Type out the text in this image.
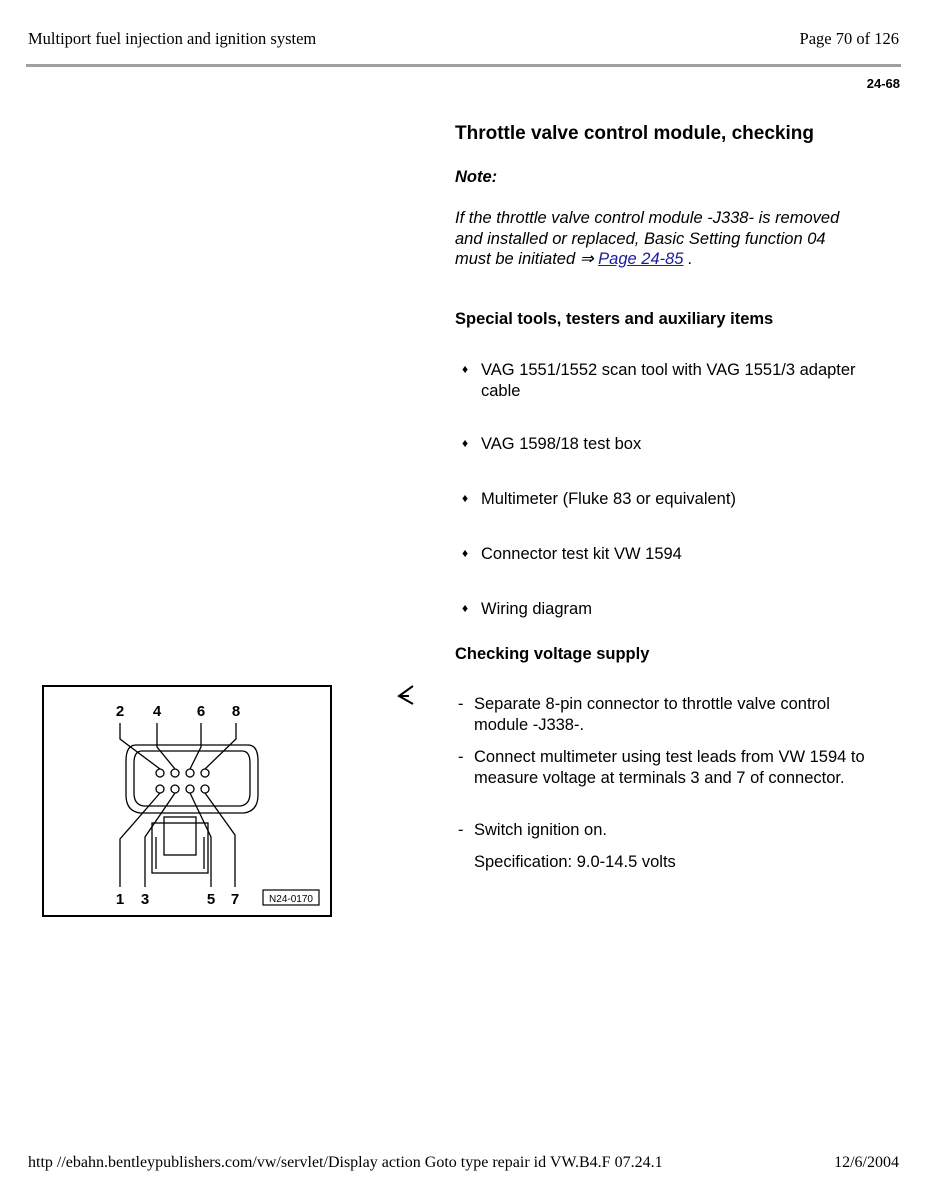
Multiport fuel injection and ignition system	Page 70 of 126
24-68
Throttle valve control module, checking
Note:
If the throttle valve control module -J338- is removed and installed or replaced, Basic Setting function 04 must be initiated ⇒ Page 24-85 .
Special tools, testers and auxiliary items
♦ VAG 1551/1552 scan tool with VAG 1551/3 adapter cable
♦ VAG 1598/18 test box
♦ Multimeter (Fluke 83 or equivalent)
♦ Connector test kit VW 1594
♦ Wiring diagram
Checking voltage supply
- Separate 8-pin connector to throttle valve control module -J338-.
- Connect multimeter using test leads from VW 1594 to measure voltage at terminals 3 and 7 of connector.
- Switch ignition on.
Specification: 9.0-14.5 volts
2 4 6 8
1 3	5 7	N24-0170
http //ebahn.bentleypublishers.com/vw/servlet/Display action Goto type repair id VW.B4.F 07.24.1	12/6/2004
